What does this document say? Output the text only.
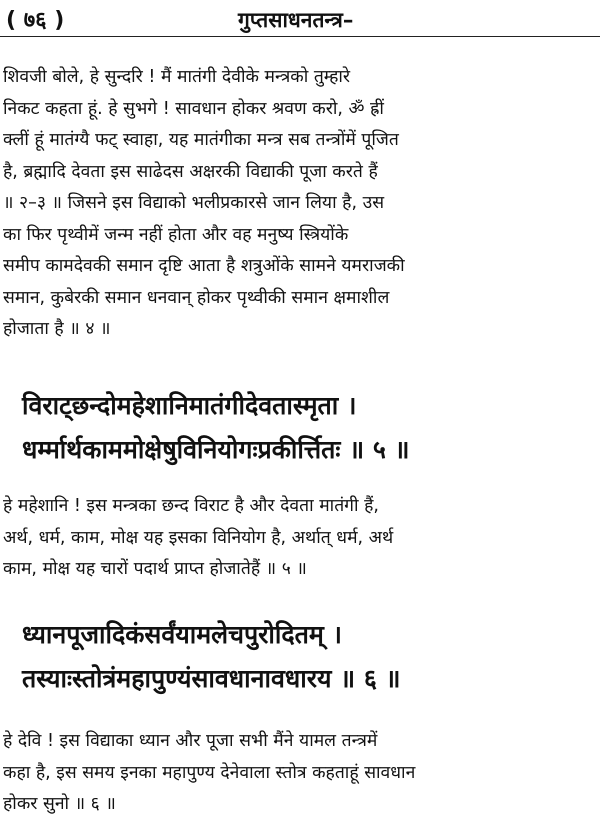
( ७६ )	गुप्तसाधनतन्त्र–
शिवजी बोले, हे सुन्दरि ! मैं मातंगी देवीके मन्त्रको तुम्हारे
निकट कहता हूं. हे सुभगे ! सावधान होकर श्रवण करो, ॐ ह्रीं
क्लीं हूं मातंग्यै फट् स्वाहा, यह मातंगीका मन्त्र सब तन्त्रोंमें पूजित
है, ब्रह्मादि देवता इस साढेदस अक्षरकी विद्याकी पूजा करते हैं
॥ २–३ ॥ जिसने इस विद्याको भलीप्रकारसे जान लिया है, उस
का फिर पृथ्वीमें जन्म नहीं होता और वह मनुष्य स्त्रियोंके
समीप कामदेवकी समान दृष्टि आता है शत्रुओंके सामने यमराजकी
समान, कुबेरकी समान धनवान् होकर पृथ्वीकी समान क्षमाशील
होजाता है ॥ ४ ॥
विराट्छन्दोमहेशानिमातंगीदेवतास्मृता ।
धर्म्मार्थकाममोक्षेषुविनियोगःप्रकीर्त्तितः ॥ ५ ॥
हे महेशानि ! इस मन्त्रका छन्द विराट है और देवता मातंगी हैं,
अर्थ, धर्म, काम, मोक्ष यह इसका विनियोग है, अर्थात् धर्म, अर्थ
काम, मोक्ष यह चारों पदार्थ प्राप्त होजातेहैं ॥ ५ ॥
ध्यानपूजादिकंसर्वंयामलेचपुरोदितम् ।
तस्याःस्तोत्रंमहापुण्यंसावधानावधारय ॥ ६ ॥
हे देवि ! इस विद्याका ध्यान और पूजा सभी मैंने यामल तन्त्रमें
कहा है, इस समय इनका महापुण्य देनेवाला स्तोत्र कहताहूं सावधान
होकर सुनो ॥ ६ ॥
